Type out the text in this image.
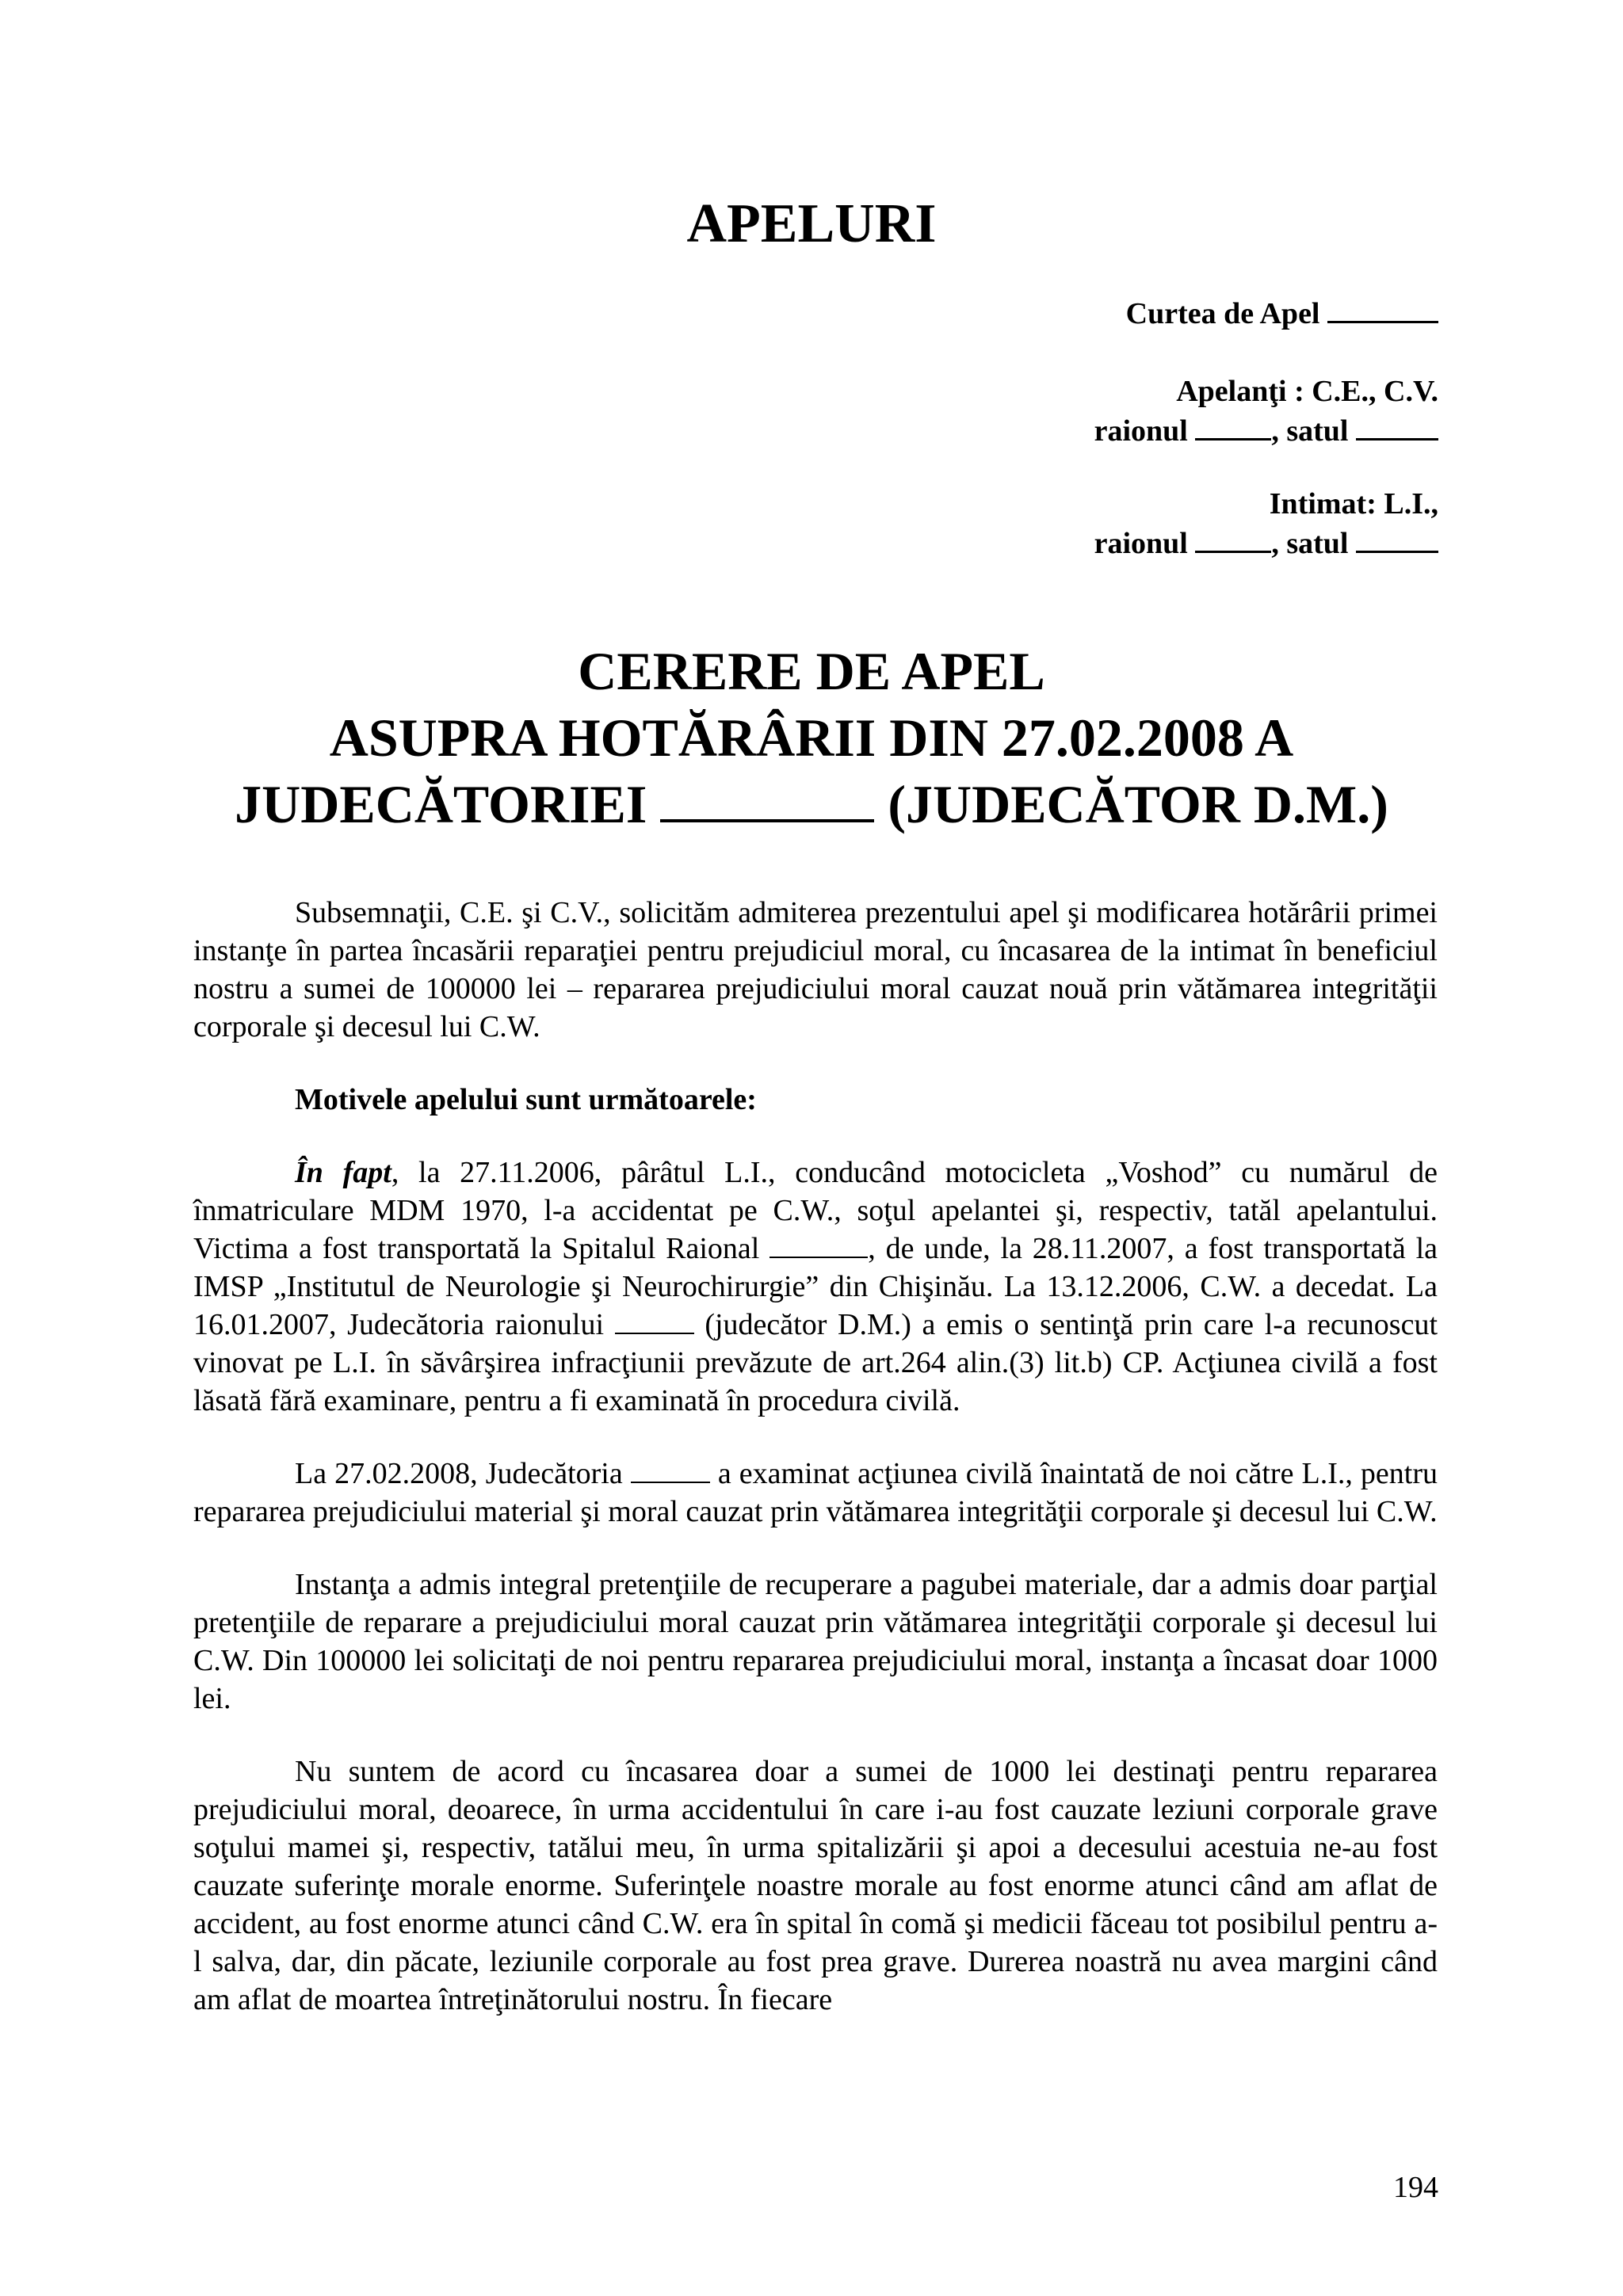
APELURI
Curtea de Apel
Apelanţi : C.E., C.V.
raionul	, satul
Intimat: L.I.,
raionul	, satul
CERERE DE APEL
ASUPRA HOTĂRÂRII DIN 27.02.2008 A
JUDECĂTORIEI	(JUDECĂTOR D.M.)

Subsemnaţii, C.E. şi C.V., solicităm admiterea prezentului apel şi modificarea hotărârii primei instanţe în partea încasării reparaţiei pentru prejudiciul moral, cu încasarea de la intimat în beneficiul nostru a sumei de 100000 lei – repararea prejudiciului moral cauzat nouă prin vătămarea integrităţii corporale şi decesul lui C.W.

Motivele apelului sunt următoarele:

În fapt, la 27.11.2006, pârâtul L.I., conducând motocicleta „Voshod” cu numărul de înmatriculare MDM 1970, l-a accidentat pe C.W., soţul apelantei şi, respectiv, tatăl apelantului. Victima a fost transportată la Spitalul Raional	, de unde, la 28.11.2007, a fost transportată la IMSP „Institutul de Neurologie şi Neurochirurgie” din Chişinău. La 13.12.2006, C.W. a decedat. La 16.01.2007, Judecătoria raionului	(judecător D.M.) a emis o sentinţă prin care l-a recunoscut vinovat pe L.I. în săvârşirea infracţiunii prevăzute de art.264 alin.(3) lit.b) CP. Acţiunea civilă a fost lăsată fără examinare, pentru a fi examinată în procedura civilă.

La 27.02.2008, Judecătoria	a examinat acţiunea civilă înaintată de noi către L.I., pentru repararea prejudiciului material şi moral cauzat prin vătămarea integrităţii corporale şi decesul lui C.W.

Instanţa a admis integral pretenţiile de recuperare a pagubei materiale, dar a admis doar parţial pretenţiile de reparare a prejudiciului moral cauzat prin vătămarea integrităţii corporale şi decesul lui C.W. Din 100000 lei solicitaţi de noi pentru repararea prejudiciului moral, instanţa a încasat doar 1000 lei.

Nu suntem de acord cu încasarea doar a sumei de 1000 lei destinaţi pentru repararea prejudiciului moral, deoarece, în urma accidentului în care i-au fost cauzate leziuni corporale grave soţului mamei şi, respectiv, tatălui meu, în urma spitalizării şi apoi a decesului acestuia ne-au fost cauzate suferinţe morale enorme. Suferinţele noastre morale au fost enorme atunci când am aflat de accident, au fost enorme atunci când C.W. era în spital în comă şi medicii făceau tot posibilul pentru a-l salva, dar, din păcate, leziunile corporale au fost prea grave. Durerea noastră nu avea margini când am aflat de moartea întreţinătorului nostru. În fiecare

194
